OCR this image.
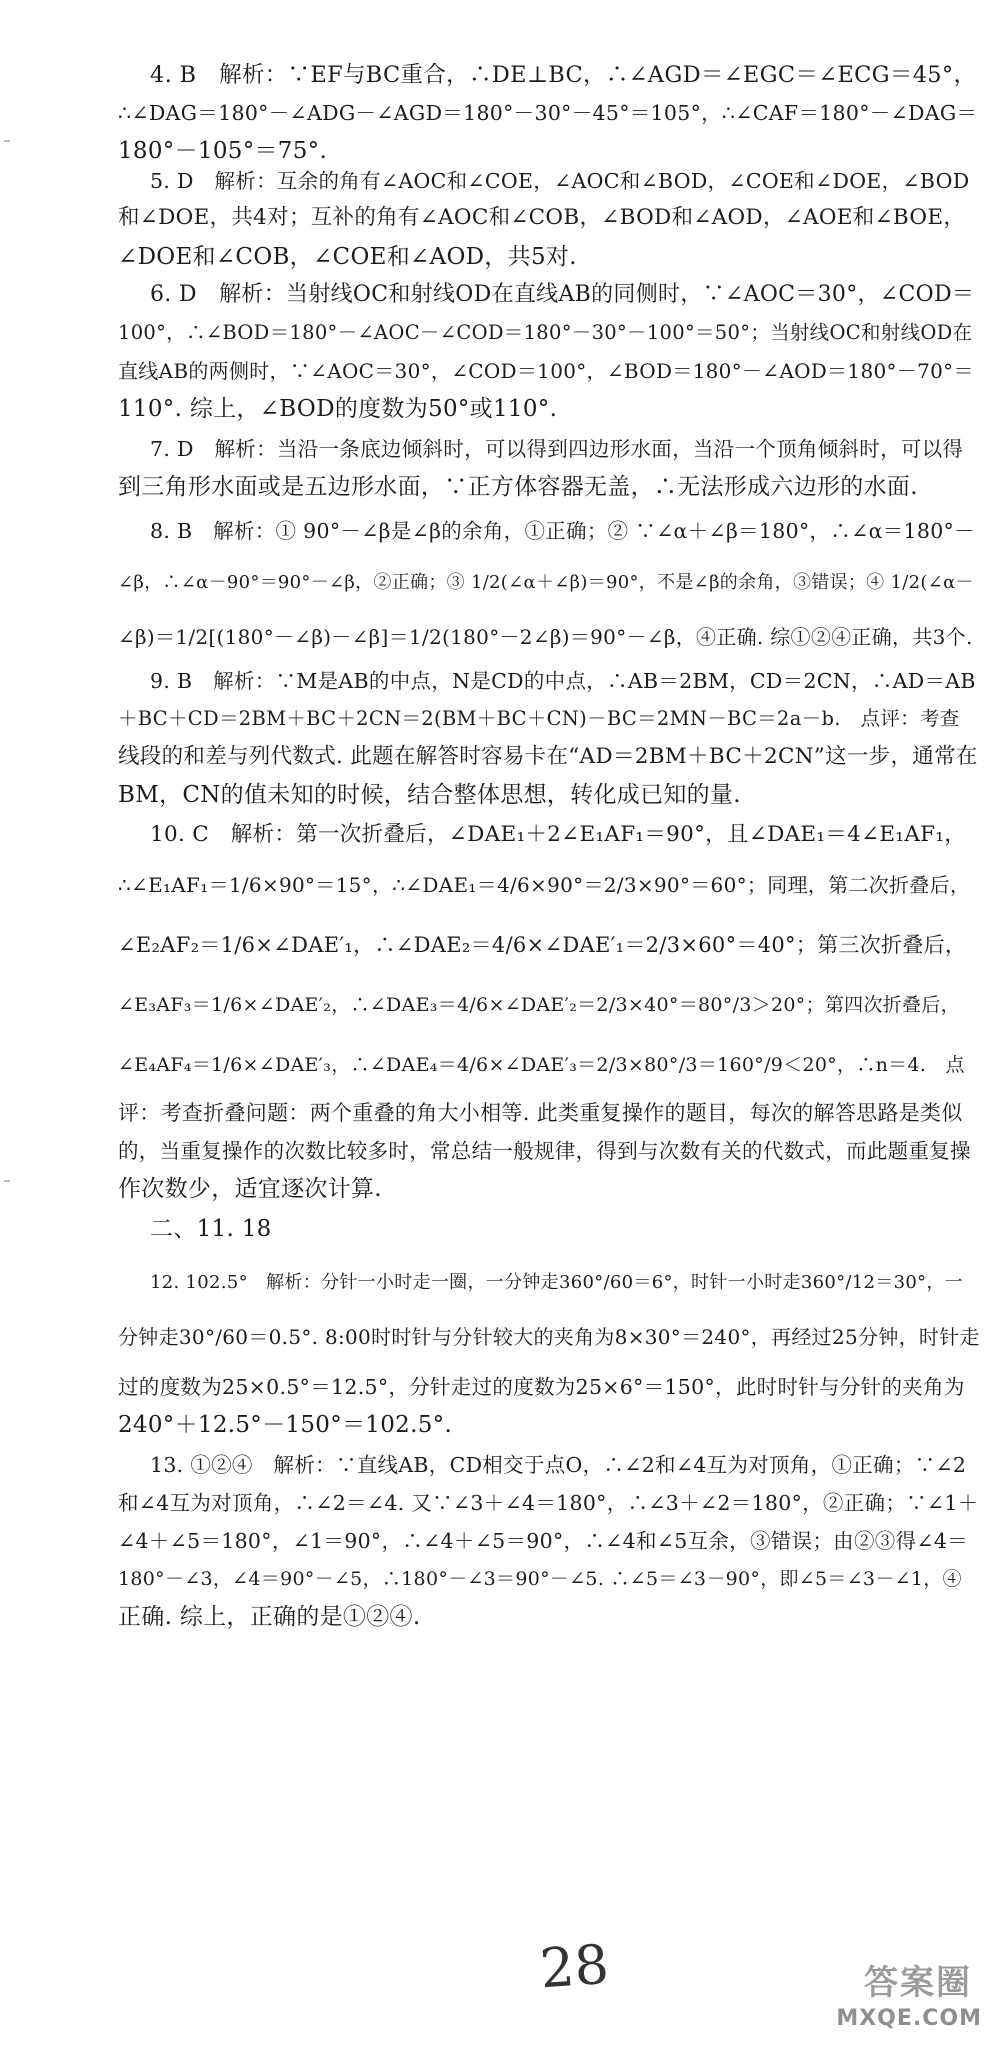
4. B　解析：∵EF与BC重合，∴DE⊥BC，∴∠AGD＝∠EGC＝∠ECG＝45°，
∴∠DAG＝180°－∠ADG－∠AGD＝180°－30°－45°＝105°，∴∠CAF＝180°－∠DAG＝
180°－105°＝75°.
5. D　解析：互余的角有∠AOC和∠COE，∠AOC和∠BOD，∠COE和∠DOE，∠BOD
和∠DOE，共4对；互补的角有∠AOC和∠COB，∠BOD和∠AOD，∠AOE和∠BOE，
∠DOE和∠COB，∠COE和∠AOD，共5对.
6. D　解析：当射线OC和射线OD在直线AB的同侧时，∵∠AOC＝30°，∠COD＝
100°，∴∠BOD＝180°－∠AOC－∠COD＝180°－30°－100°＝50°；当射线OC和射线OD在
直线AB的两侧时，∵∠AOC＝30°，∠COD＝100°，∠BOD＝180°－∠AOD＝180°－70°＝
110°. 综上，∠BOD的度数为50°或110°.
7. D　解析：当沿一条底边倾斜时，可以得到四边形水面，当沿一个顶角倾斜时，可以得
到三角形水面或是五边形水面，∵正方体容器无盖，∴无法形成六边形的水面.
8. B　解析：① 90°－∠β是∠β的余角，①正确；② ∵∠α＋∠β＝180°，∴∠α＝180°－
∠β，∴∠α－90°＝90°－∠β，②正确；③ 1/2(∠α＋∠β)＝90°，不是∠β的余角，③错误；④ 1/2(∠α－
∠β)＝1/2[(180°－∠β)－∠β]＝1/2(180°－2∠β)＝90°－∠β，④正确. 综①②④正确，共3个.
9. B　解析：∵M是AB的中点，N是CD的中点，∴AB＝2BM，CD＝2CN，∴AD＝AB
＋BC＋CD＝2BM＋BC＋2CN＝2(BM＋BC＋CN)－BC＝2MN－BC＝2a－b.　点评：考查
线段的和差与列代数式. 此题在解答时容易卡在“AD＝2BM＋BC＋2CN”这一步，通常在
BM，CN的值未知的时候，结合整体思想，转化成已知的量.
10. C　解析：第一次折叠后，∠DAE₁＋2∠E₁AF₁＝90°，且∠DAE₁＝4∠E₁AF₁，
∴∠E₁AF₁＝1/6×90°＝15°，∴∠DAE₁＝4/6×90°＝2/3×90°＝60°；同理，第二次折叠后，
∠E₂AF₂＝1/6×∠DAE′₁，∴∠DAE₂＝4/6×∠DAE′₁＝2/3×60°＝40°；第三次折叠后，
∠E₃AF₃＝1/6×∠DAE′₂，∴∠DAE₃＝4/6×∠DAE′₂＝2/3×40°＝80°/3＞20°；第四次折叠后，
∠E₄AF₄＝1/6×∠DAE′₃，∴∠DAE₄＝4/6×∠DAE′₃＝2/3×80°/3＝160°/9＜20°，∴n＝4.　点
评：考查折叠问题：两个重叠的角大小相等. 此类重复操作的题目，每次的解答思路是类似
的，当重复操作的次数比较多时，常总结一般规律，得到与次数有关的代数式，而此题重复操
作次数少，适宜逐次计算.
二、11. 18
12. 102.5°　解析：分针一小时走一圈，一分钟走360°/60＝6°，时针一小时走360°/12＝30°，一
分钟走30°/60＝0.5°. 8:00时时针与分针较大的夹角为8×30°＝240°，再经过25分钟，时针走
过的度数为25×0.5°＝12.5°，分针走过的度数为25×6°＝150°，此时时针与分针的夹角为
240°＋12.5°－150°＝102.5°.
13. ①②④　解析：∵直线AB，CD相交于点O，∴∠2和∠4互为对顶角，①正确；∵∠2
和∠4互为对顶角，∴∠2＝∠4. 又∵∠3＋∠4＝180°，∴∠3＋∠2＝180°，②正确；∵∠1＋
∠4＋∠5＝180°，∠1＝90°，∴∠4＋∠5＝90°，∴∠4和∠5互余，③错误；由②③得∠4＝
180°－∠3，∠4＝90°－∠5，∴180°－∠3＝90°－∠5. ∴∠5＝∠3－90°，即∠5＝∠3－∠1，④
正确. 综上，正确的是①②④.
28	答案圈
MXQE.COM
